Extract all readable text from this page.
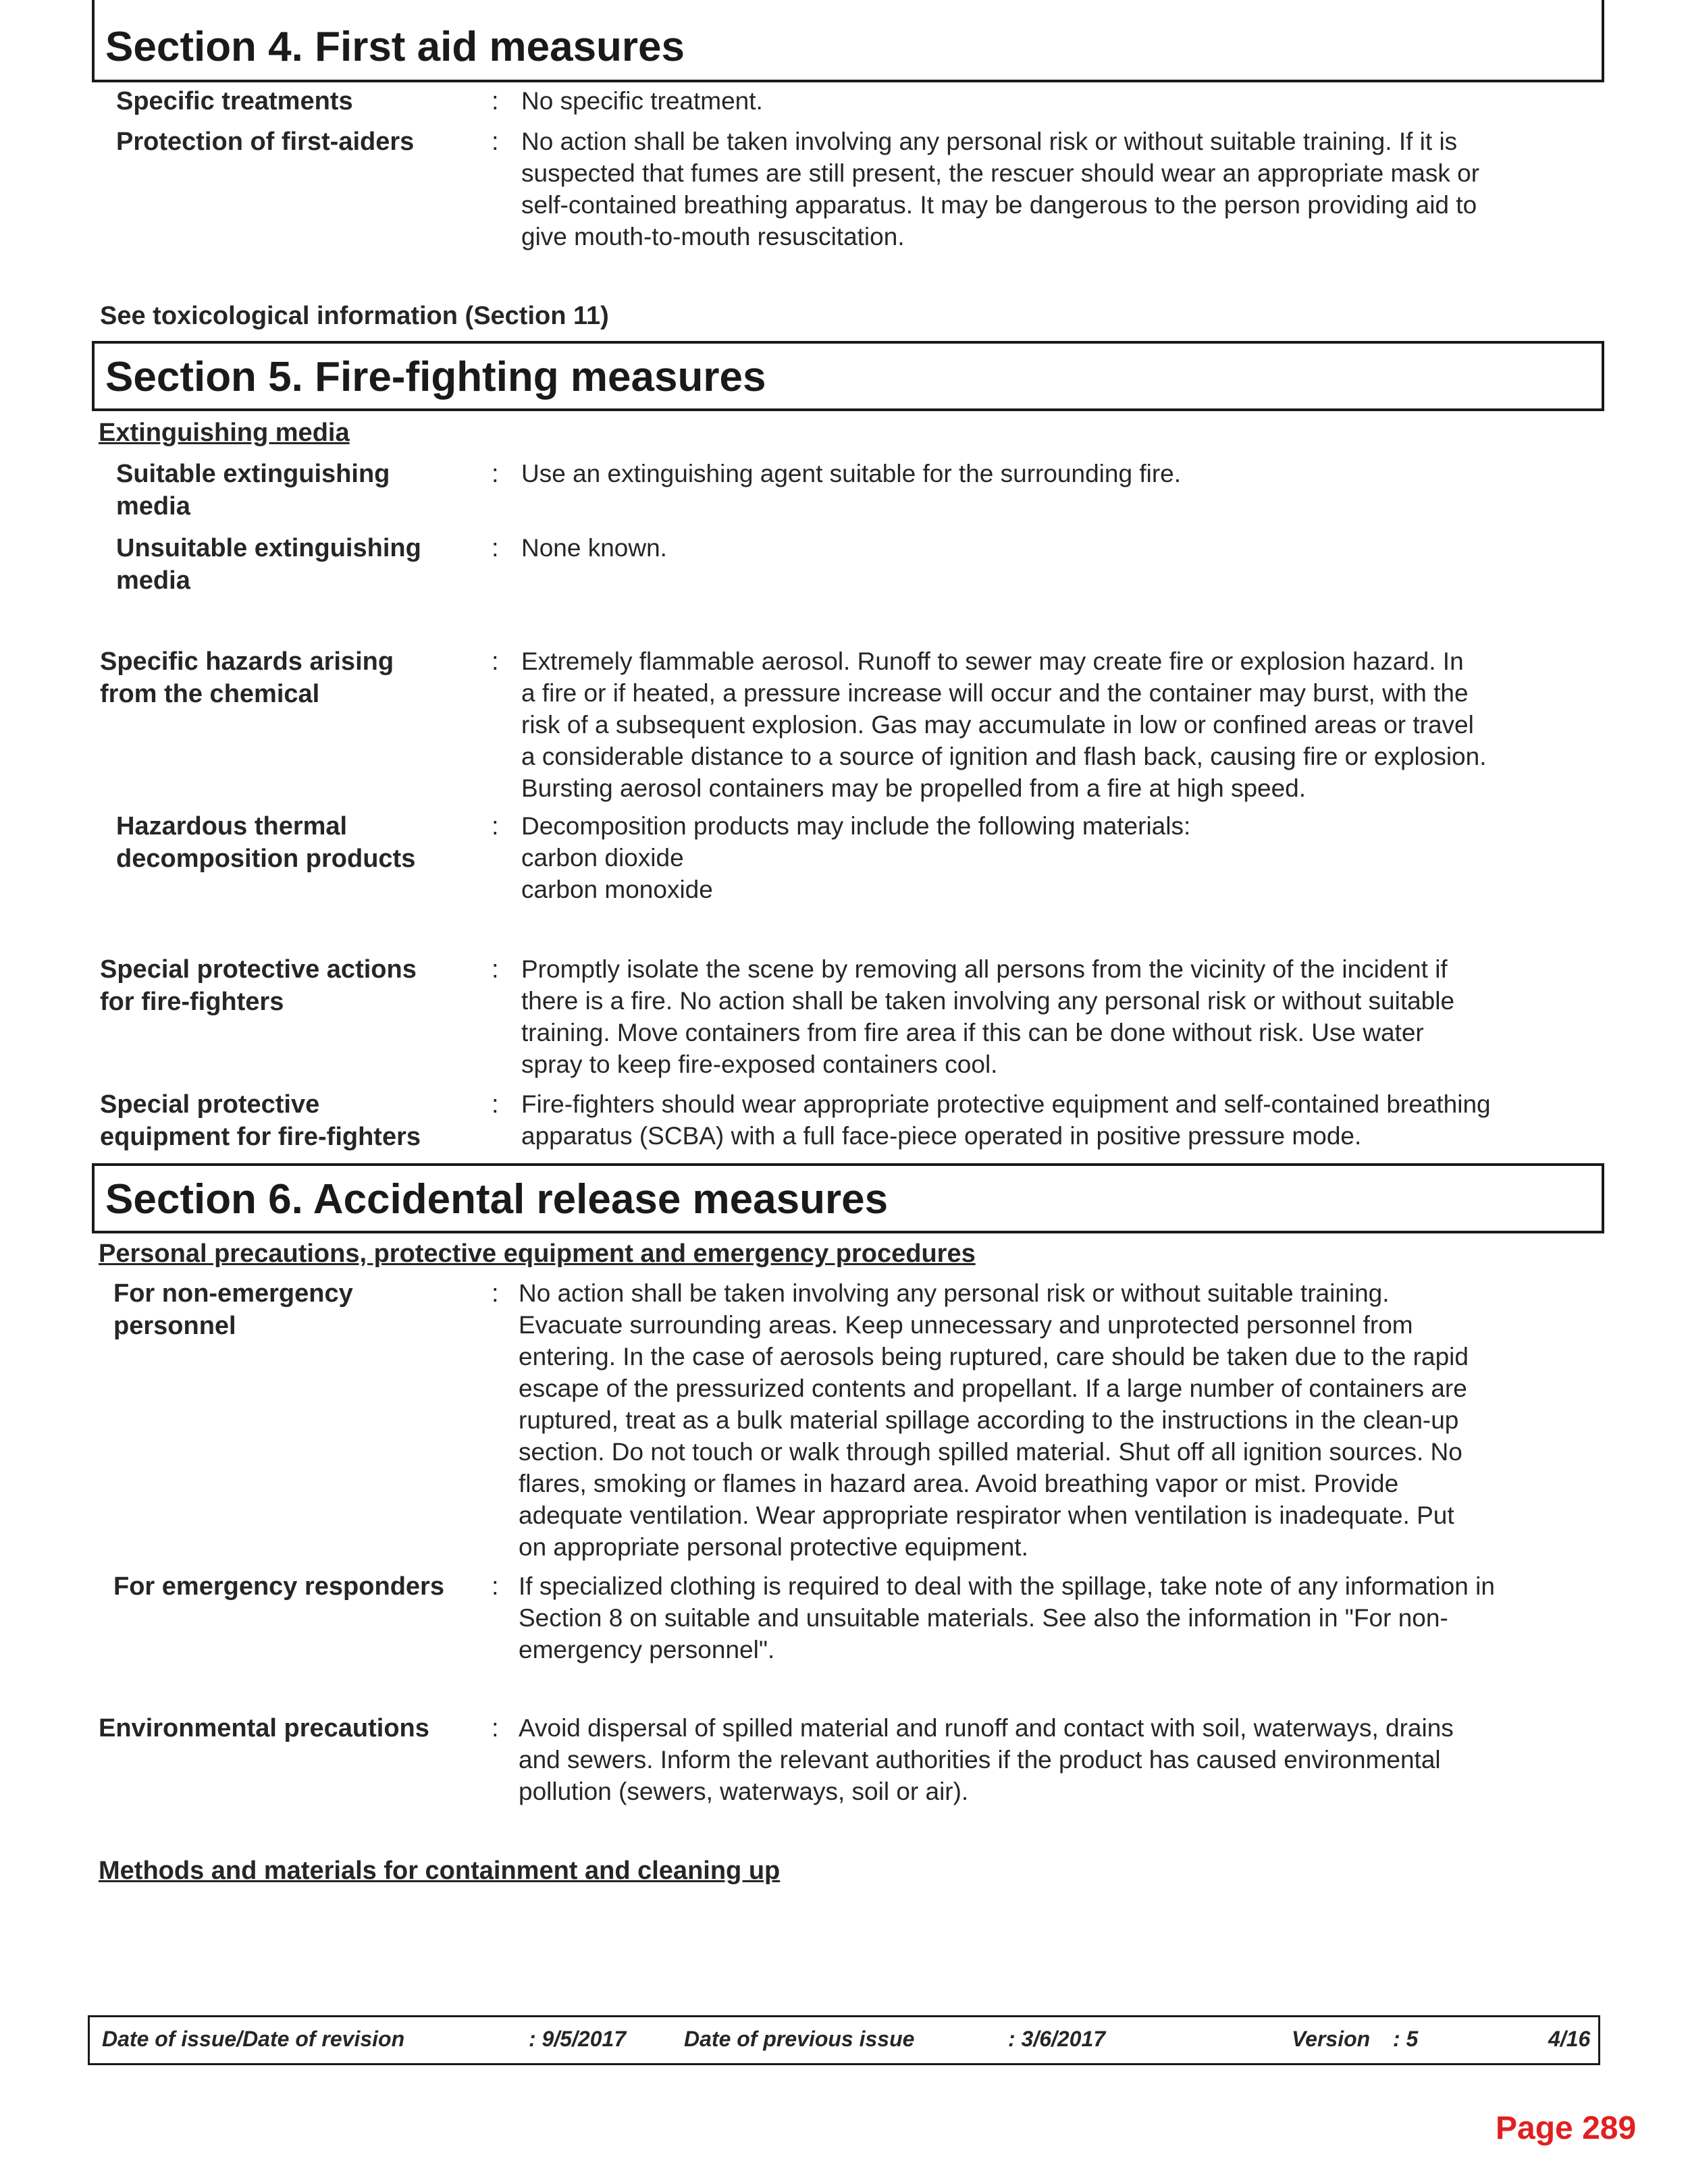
Section 4. First aid measures
Specific treatments	: No specific treatment.
Protection of first-aiders	: No action shall be taken involving any personal risk or without suitable training. If it is
suspected that fumes are still present, the rescuer should wear an appropriate mask or
self-contained breathing apparatus. It may be dangerous to the person providing aid to
give mouth-to-mouth resuscitation.
See toxicological information (Section 11)
Section 5. Fire-fighting measures
Extinguishing media
Suitable extinguishing
media
: Use an extinguishing agent suitable for the surrounding fire.
Unsuitable extinguishing
media
: None known.
Specific hazards arising
from the chemical
: Extremely flammable aerosol. Runoff to sewer may create fire or explosion hazard. In
a fire or if heated, a pressure increase will occur and the container may burst, with the
risk of a subsequent explosion. Gas may accumulate in low or confined areas or travel
a considerable distance to a source of ignition and flash back, causing fire or explosion.
Bursting aerosol containers may be propelled from a fire at high speed.
Hazardous thermal
decomposition products
: Decomposition products may include the following materials:
carbon dioxide
carbon monoxide
Special protective actions
for fire-fighters
: Promptly isolate the scene by removing all persons from the vicinity of the incident if
there is a fire. No action shall be taken involving any personal risk or without suitable
training. Move containers from fire area if this can be done without risk. Use water
spray to keep fire-exposed containers cool.
Special protective
equipment for fire-fighters
: Fire-fighters should wear appropriate protective equipment and self-contained breathing
apparatus (SCBA) with a full face-piece operated in positive pressure mode.
Section 6. Accidental release measures
Personal precautions, protective equipment and emergency procedures
For non-emergency
personnel
: No action shall be taken involving any personal risk or without suitable training.
Evacuate surrounding areas. Keep unnecessary and unprotected personnel from
entering. In the case of aerosols being ruptured, care should be taken due to the rapid
escape of the pressurized contents and propellant. If a large number of containers are
ruptured, treat as a bulk material spillage according to the instructions in the clean-up
section. Do not touch or walk through spilled material. Shut off all ignition sources. No
flares, smoking or flames in hazard area. Avoid breathing vapor or mist. Provide
adequate ventilation. Wear appropriate respirator when ventilation is inadequate. Put
on appropriate personal protective equipment.
For emergency responders : If specialized clothing is required to deal with the spillage, take note of any information in
Section 8 on suitable and unsuitable materials. See also the information in "For non-
emergency personnel".
Environmental precautions : Avoid dispersal of spilled material and runoff and contact with soil, waterways, drains
and sewers. Inform the relevant authorities if the product has caused environmental
pollution (sewers, waterways, soil or air).
Methods and materials for containment and cleaning up
Date of issue/Date of revision	: 9/5/2017	Date of previous issue	: 3/6/2017	Version : 5	4/16
Page 289
